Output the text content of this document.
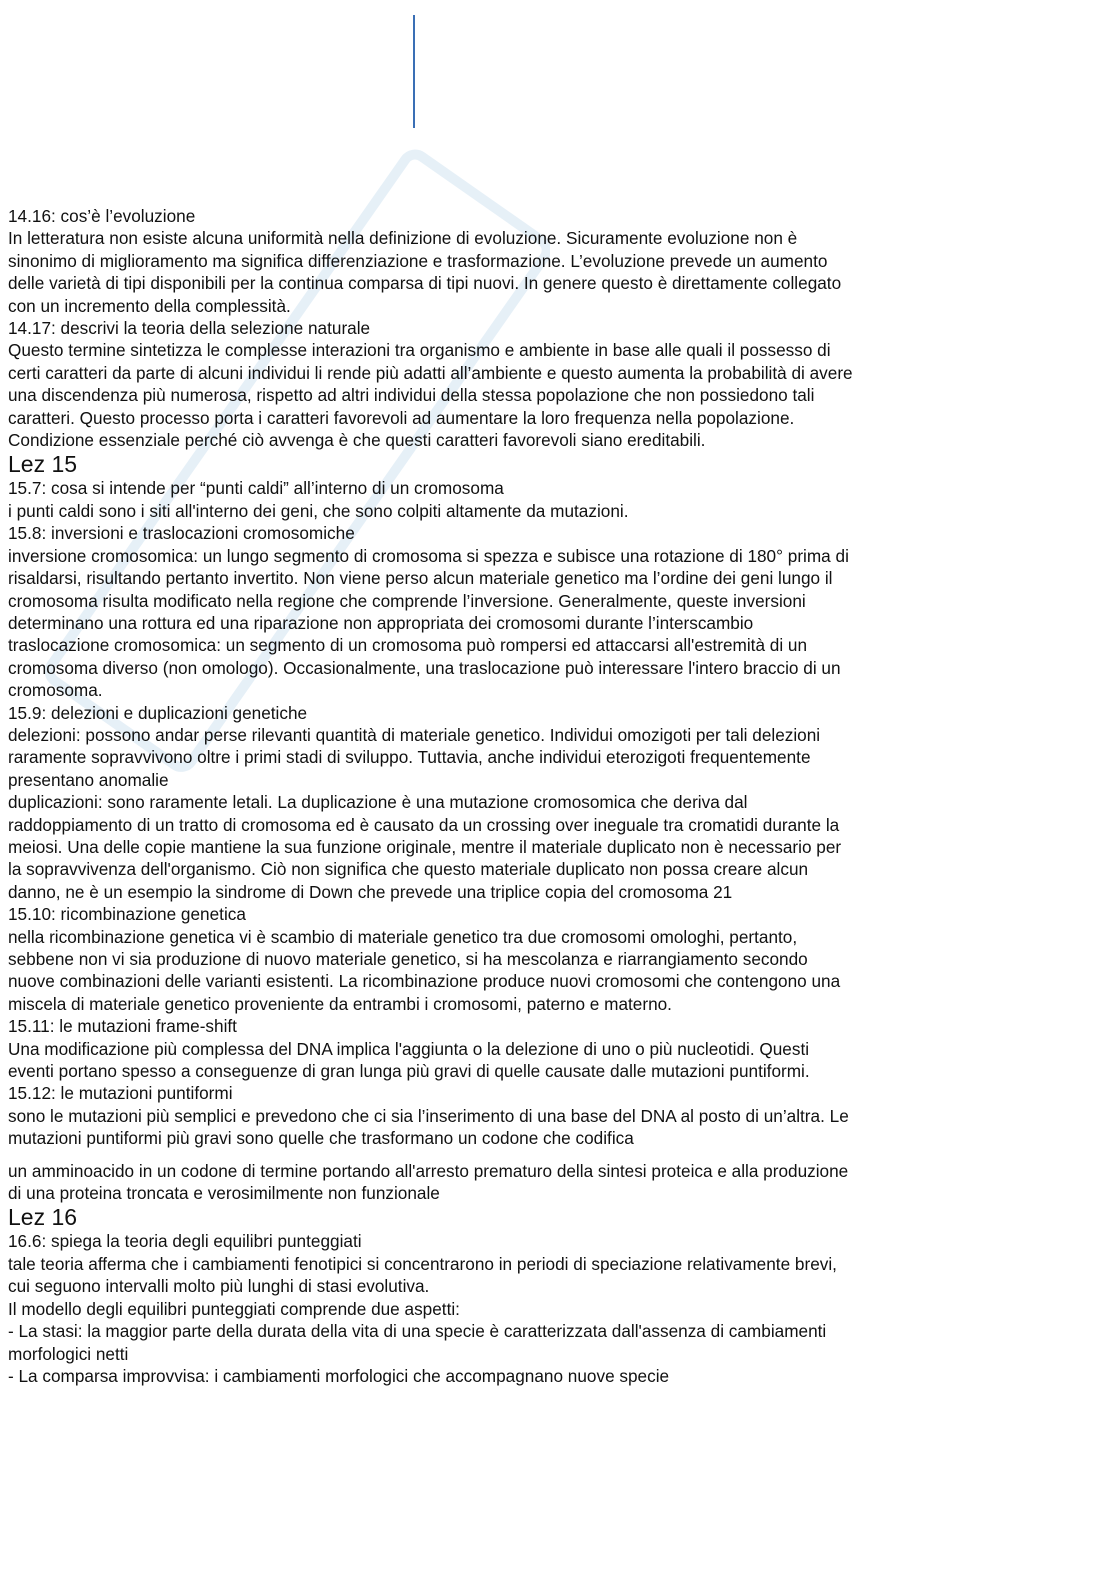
14.16: cos’è l’evoluzione

In letteratura non esiste alcuna uniformità nella definizione di evoluzione. Sicuramente evoluzione non è sinonimo di miglioramento ma significa differenziazione e trasformazione. L’evoluzione prevede un aumento delle varietà di tipi disponibili per la continua comparsa di tipi nuovi. In genere questo è direttamente collegato con un incremento della complessità.

14.17: descrivi la teoria della selezione naturale

Questo termine sintetizza le complesse interazioni tra organismo e ambiente in base alle quali il possesso di certi caratteri da parte di alcuni individui li rende più adatti all’ambiente e questo aumenta la probabilità di avere una discendenza più numerosa, rispetto ad altri individui della stessa popolazione che non possiedono tali caratteri. Questo processo porta i caratteri favorevoli ad aumentare la loro frequenza nella popolazione. Condizione essenziale perché ciò avvenga è che questi caratteri favorevoli siano ereditabili.

Lez 15

15.7: cosa si intende per “punti caldi” all’interno di un cromosoma

i punti caldi sono i siti all'interno dei geni, che sono colpiti altamente da mutazioni.

15.8: inversioni e traslocazioni cromosomiche

inversione cromosomica: un lungo segmento di cromosoma si spezza e subisce una rotazione di 180° prima di risaldarsi, risultando pertanto invertito. Non viene perso alcun materiale genetico ma l’ordine dei geni lungo il cromosoma risulta modificato nella regione che comprende l’inversione. Generalmente, queste inversioni determinano una rottura ed una riparazione non appropriata dei cromosomi durante l’interscambio

traslocazione cromosomica: un segmento di un cromosoma può rompersi ed attaccarsi all'estremità di un cromosoma diverso (non omologo). Occasionalmente, una traslocazione può interessare l'intero braccio di un cromosoma.

15.9: delezioni e duplicazioni genetiche

delezioni: possono andar perse rilevanti quantità di materiale genetico. Individui omozigoti per tali delezioni raramente sopravvivono oltre i primi stadi di sviluppo. Tuttavia, anche individui eterozigoti frequentemente presentano anomalie

duplicazioni: sono raramente letali. La duplicazione è una mutazione cromosomica che deriva dal raddoppiamento di un tratto di cromosoma ed è causato da un crossing over ineguale tra cromatidi durante la meiosi. Una delle copie mantiene la sua funzione originale, mentre il materiale duplicato non è necessario per la sopravvivenza dell'organismo. Ciò non significa che questo materiale duplicato non possa creare alcun danno, ne è un esempio la sindrome di Down che prevede una triplice copia del cromosoma 21

15.10: ricombinazione genetica

nella ricombinazione genetica vi è scambio di materiale genetico tra due cromosomi omologhi, pertanto, sebbene non vi sia produzione di nuovo materiale genetico, si ha mescolanza e riarrangiamento secondo nuove combinazioni delle varianti esistenti. La ricombinazione produce nuovi cromosomi che contengono una miscela di materiale genetico proveniente da entrambi i cromosomi, paterno e materno.

15.11: le mutazioni frame-shift

Una modificazione più complessa del DNA implica l'aggiunta o la delezione di uno o più nucleotidi. Questi eventi portano spesso a conseguenze di gran lunga più gravi di quelle causate dalle mutazioni puntiformi.

15.12: le mutazioni puntiformi

sono le mutazioni più semplici e prevedono che ci sia l’inserimento di una base del DNA al posto di un’altra. Le mutazioni puntiformi più gravi sono quelle che trasformano un codone che codifica

un amminoacido in un codone di termine portando all'arresto prematuro della sintesi proteica e alla produzione di una proteina troncata e verosimilmente non funzionale

Lez 16

16.6: spiega la teoria degli equilibri punteggiati

tale teoria afferma che i cambiamenti fenotipici si concentrarono in periodi di speciazione relativamente brevi, cui seguono intervalli molto più lunghi di stasi evolutiva.

Il modello degli equilibri punteggiati comprende due aspetti:

- La stasi: la maggior parte della durata della vita di una specie è caratterizzata dall'assenza di cambiamenti morfologici netti

- La comparsa improvvisa: i cambiamenti morfologici che accompagnano nuove specie
